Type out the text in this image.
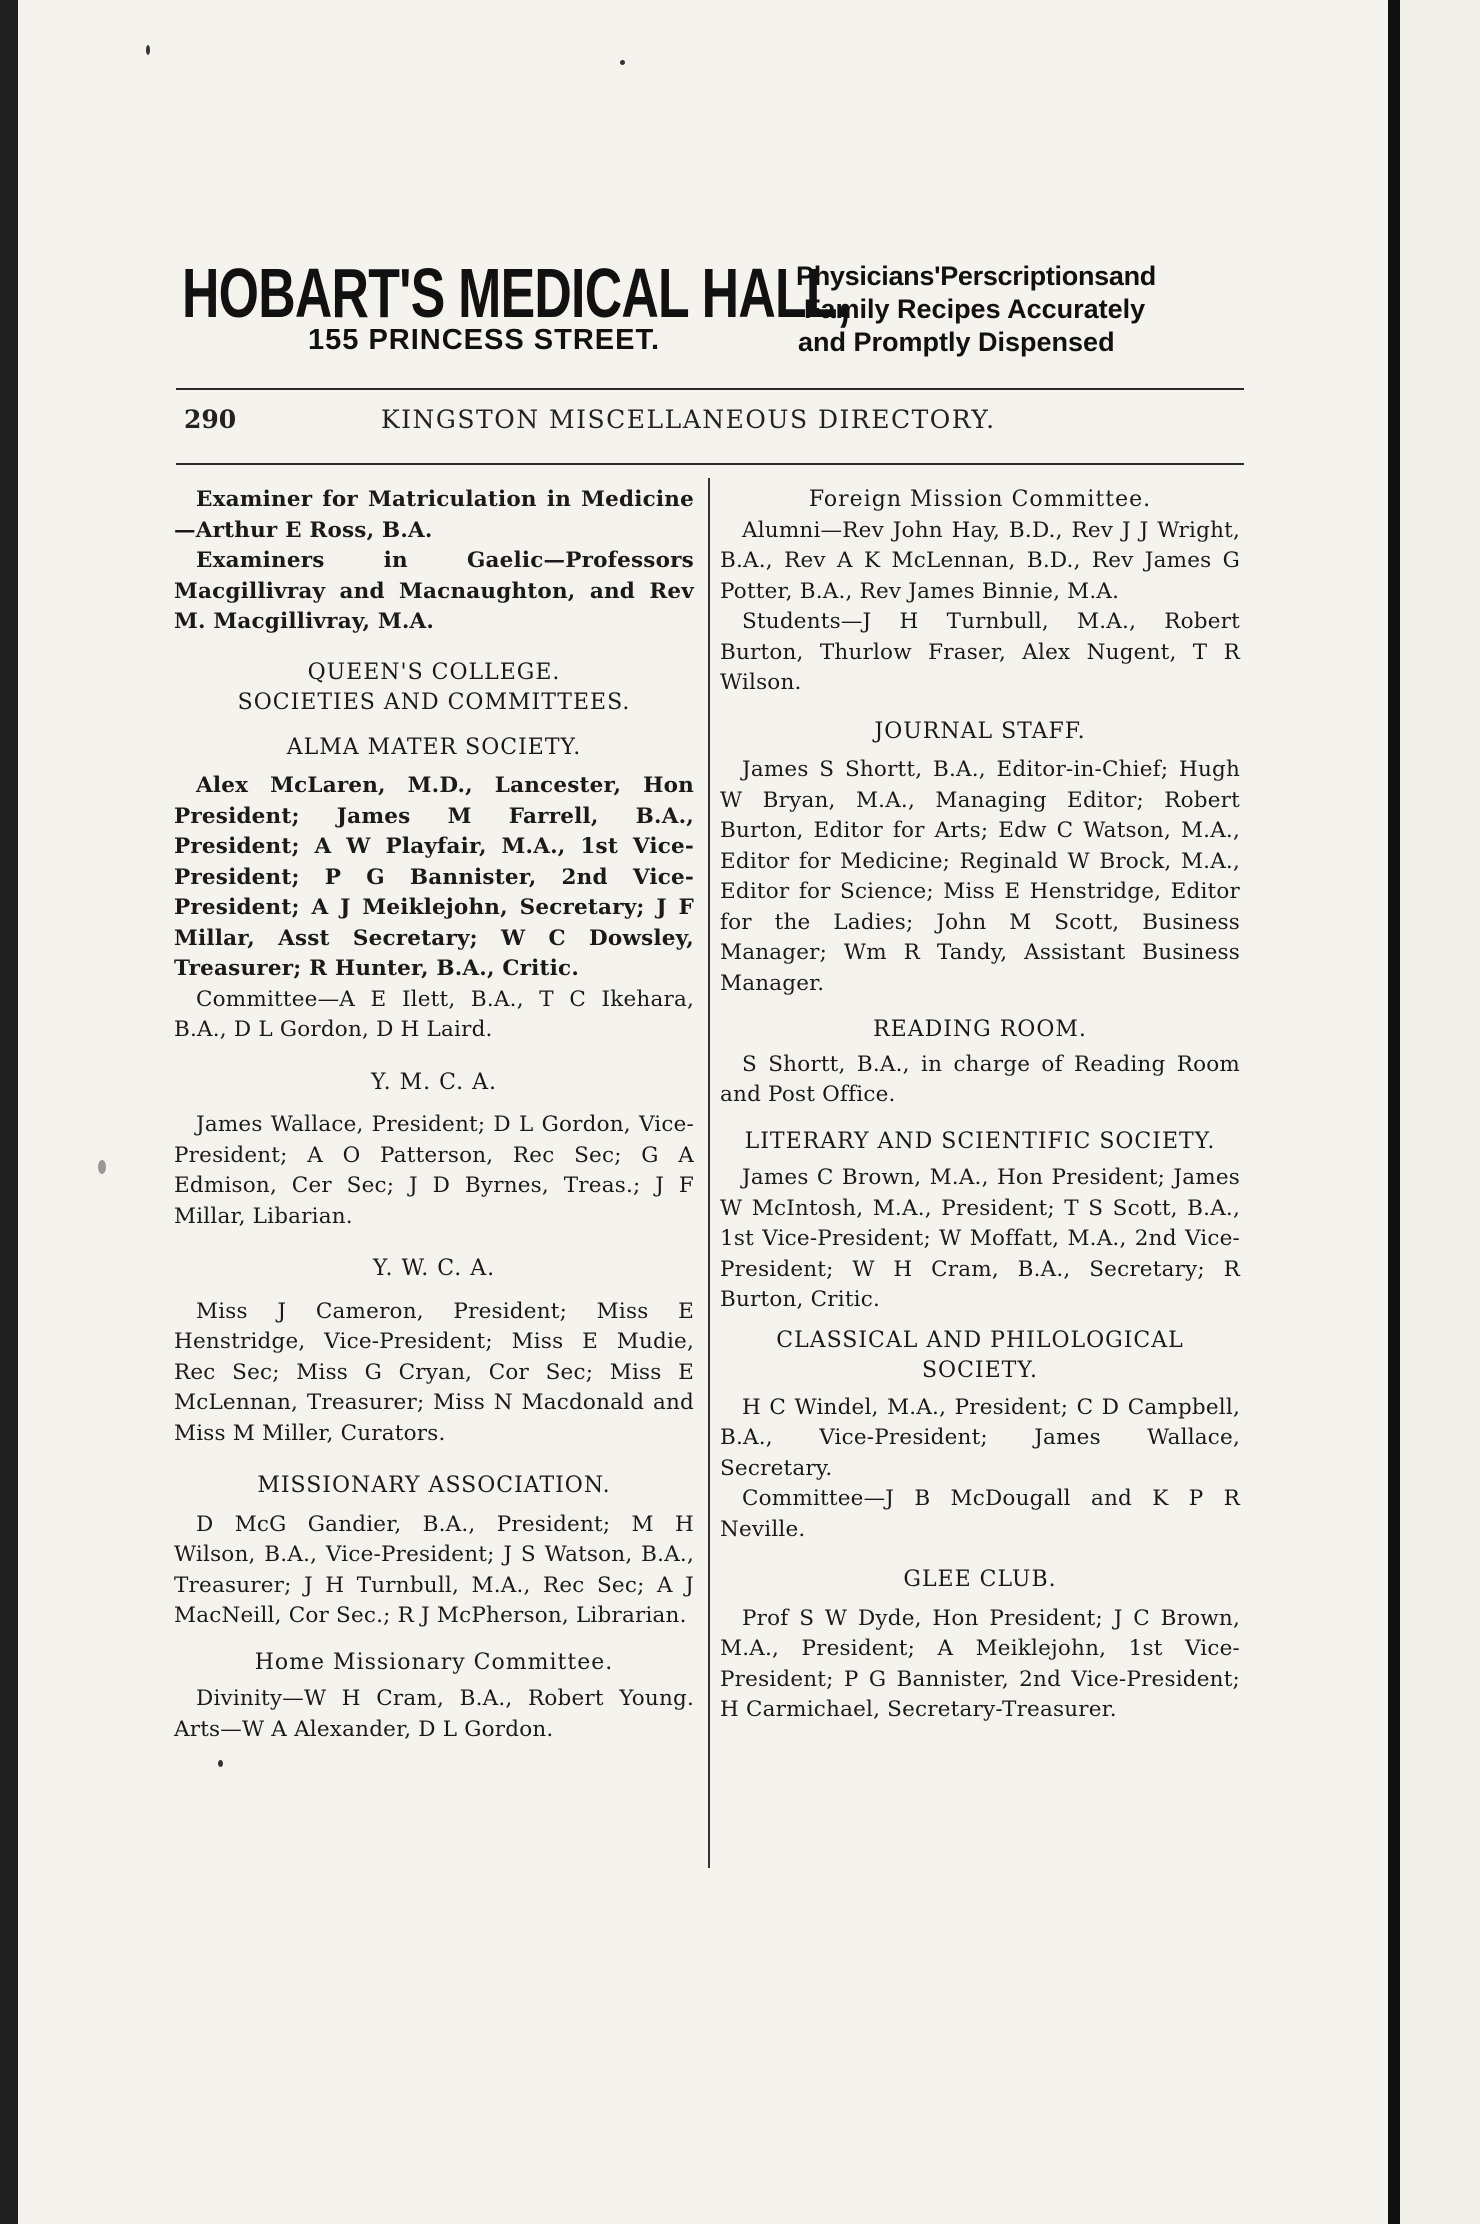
HOBART'S MEDICAL HALL,
155 PRINCESS STREET.
Physicians'Perscriptionsand
Family Recipes Accurately
and Promptly Dispensed
290	KINGSTON MISCELLANEOUS DIRECTORY.

Examiner for Matriculation in Medicine—Arthur E Ross, B.A.

Examiners in Gaelic—Professors Macgillivray and Macnaughton, and Rev M. Macgillivray, M.A.

QUEEN'S COLLEGE.
SOCIETIES AND COMMITTEES.
ALMA MATER SOCIETY.

Alex McLaren, M.D., Lancester, Hon President; James M Farrell, B.A., President; A W Playfair, M.A., 1st Vice-President; P G Bannister, 2nd Vice-President; A J Meiklejohn, Secretary; J F Millar, Asst Secretary; W C Dowsley, Treasurer; R Hunter, B.A., Critic.

Committee—A E Ilett, B.A., T C Ikehara, B.A., D L Gordon, D H Laird.

Y. M. C. A.

James Wallace, President; D L Gordon, Vice-President; A O Patterson, Rec Sec; G A Edmison, Cer Sec; J D Byrnes, Treas.; J F Millar, Libarian.

Y. W. C. A.

Miss J Cameron, President; Miss E Henstridge, Vice-President; Miss E Mudie, Rec Sec; Miss G Cryan, Cor Sec; Miss E McLennan, Treasurer; Miss N Macdonald and Miss M Miller, Curators.

MISSIONARY ASSOCIATION.

D McG Gandier, B.A., President; M H Wilson, B.A., Vice-President; J S Watson, B.A., Treasurer; J H Turnbull, M.A., Rec Sec; A J MacNeill, Cor Sec.; R J McPherson, Librarian.

Home Missionary Committee.

Divinity—W H Cram, B.A., Robert Young. Arts—W A Alexander, D L Gordon.

Foreign Mission Committee.

Alumni—Rev John Hay, B.D., Rev J J Wright, B.A., Rev A K McLennan, B.D., Rev James G Potter, B.A., Rev James Binnie, M.A.

Students—J H Turnbull, M.A., Robert Burton, Thurlow Fraser, Alex Nugent, T R Wilson.

JOURNAL STAFF.

James S Shortt, B.A., Editor-in-Chief; Hugh W Bryan, M.A., Managing Editor; Robert Burton, Editor for Arts; Edw C Watson, M.A., Editor for Medicine; Reginald W Brock, M.A., Editor for Science; Miss E Henstridge, Editor for the Ladies; John M Scott, Business Manager; Wm R Tandy, Assistant Business Manager.

READING ROOM.

S Shortt, B.A., in charge of Reading Room and Post Office.

LITERARY AND SCIENTIFIC SOCIETY.

James C Brown, M.A., Hon President; James W McIntosh, M.A., President; T S Scott, B.A., 1st Vice-President; W Moffatt, M.A., 2nd Vice-President; W H Cram, B.A., Secretary; R Burton, Critic.

CLASSICAL AND PHILOLOGICAL SOCIETY.

H C Windel, M.A., President; C D Campbell, B.A., Vice-President; James Wallace, Secretary.

Committee—J B McDougall and K P R Neville.

GLEE CLUB.

Prof S W Dyde, Hon President; J C Brown, M.A., President; A Meiklejohn, 1st Vice-President; P G Bannister, 2nd Vice-President; H Carmichael, Secretary-Treasurer.
